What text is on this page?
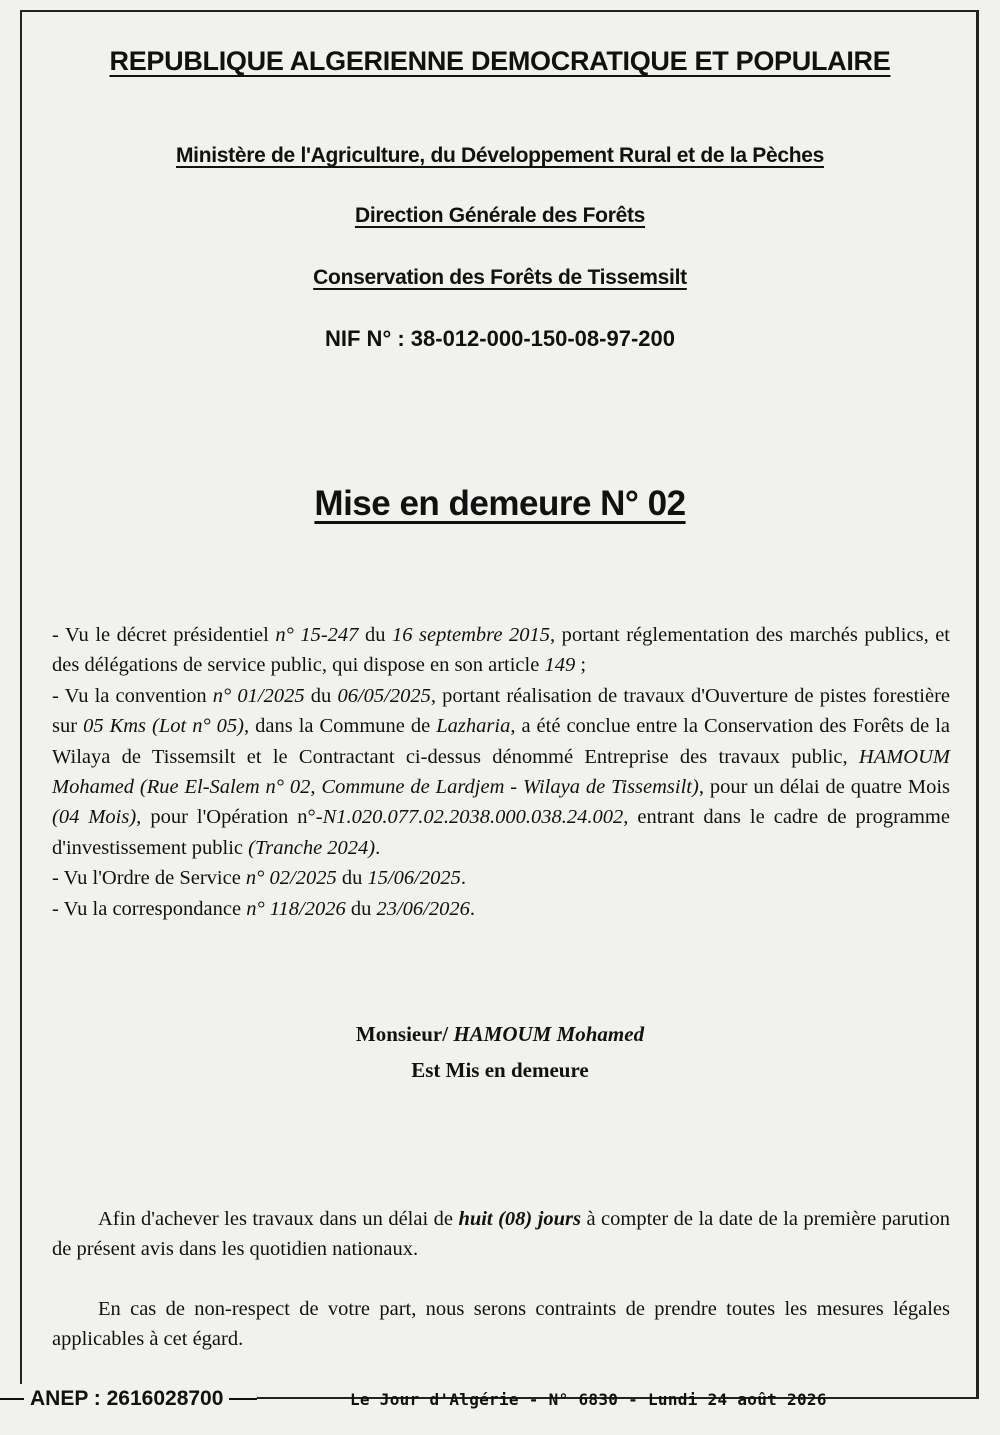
REPUBLIQUE ALGERIENNE DEMOCRATIQUE ET POPULAIRE
Ministère de l'Agriculture, du Développement Rural et de la Pèches
Direction Générale des Forêts
Conservation des Forêts de Tissemsilt
NIF N° : 38-012-000-150-08-97-200
Mise en demeure N° 02

- Vu le décret présidentiel n° 15-247 du 16 septembre 2015, portant réglementation des marchés publics, et des délégations de service public, qui dispose en son article 149 ;

- Vu la convention n° 01/2025 du 06/05/2025, portant réalisation de travaux d'Ouverture de pistes forestière sur 05 Kms (Lot n° 05), dans la Commune de Lazharia, a été conclue entre la Conservation des Forêts de la Wilaya de Tissemsilt et le Contractant ci-dessus dénommé Entreprise des travaux public, HAMOUM Mohamed (Rue El-Salem n° 02, Commune de Lardjem - Wilaya de Tissemsilt), pour un délai de quatre Mois (04 Mois), pour l'Opération n°-N1.020.077.02.2038.000.038.24.002, entrant dans le cadre de programme d'investissement public (Tranche 2024).

- Vu l'Ordre de Service n° 02/2025 du 15/06/2025.

- Vu la correspondance n° 118/2026 du 23/06/2026.

Monsieur/ HAMOUM Mohamed
Est Mis en demeure

Afin d'achever les travaux dans un délai de huit (08) jours à compter de la date de la première parution de présent avis dans les quotidien nationaux.

En cas de non-respect de votre part, nous serons contraints de prendre toutes les mesures légales applicables à cet égard.

ANEP : 2616028700	Le Jour d'Algérie - N° 6830 - Lundi 24 août 2026
